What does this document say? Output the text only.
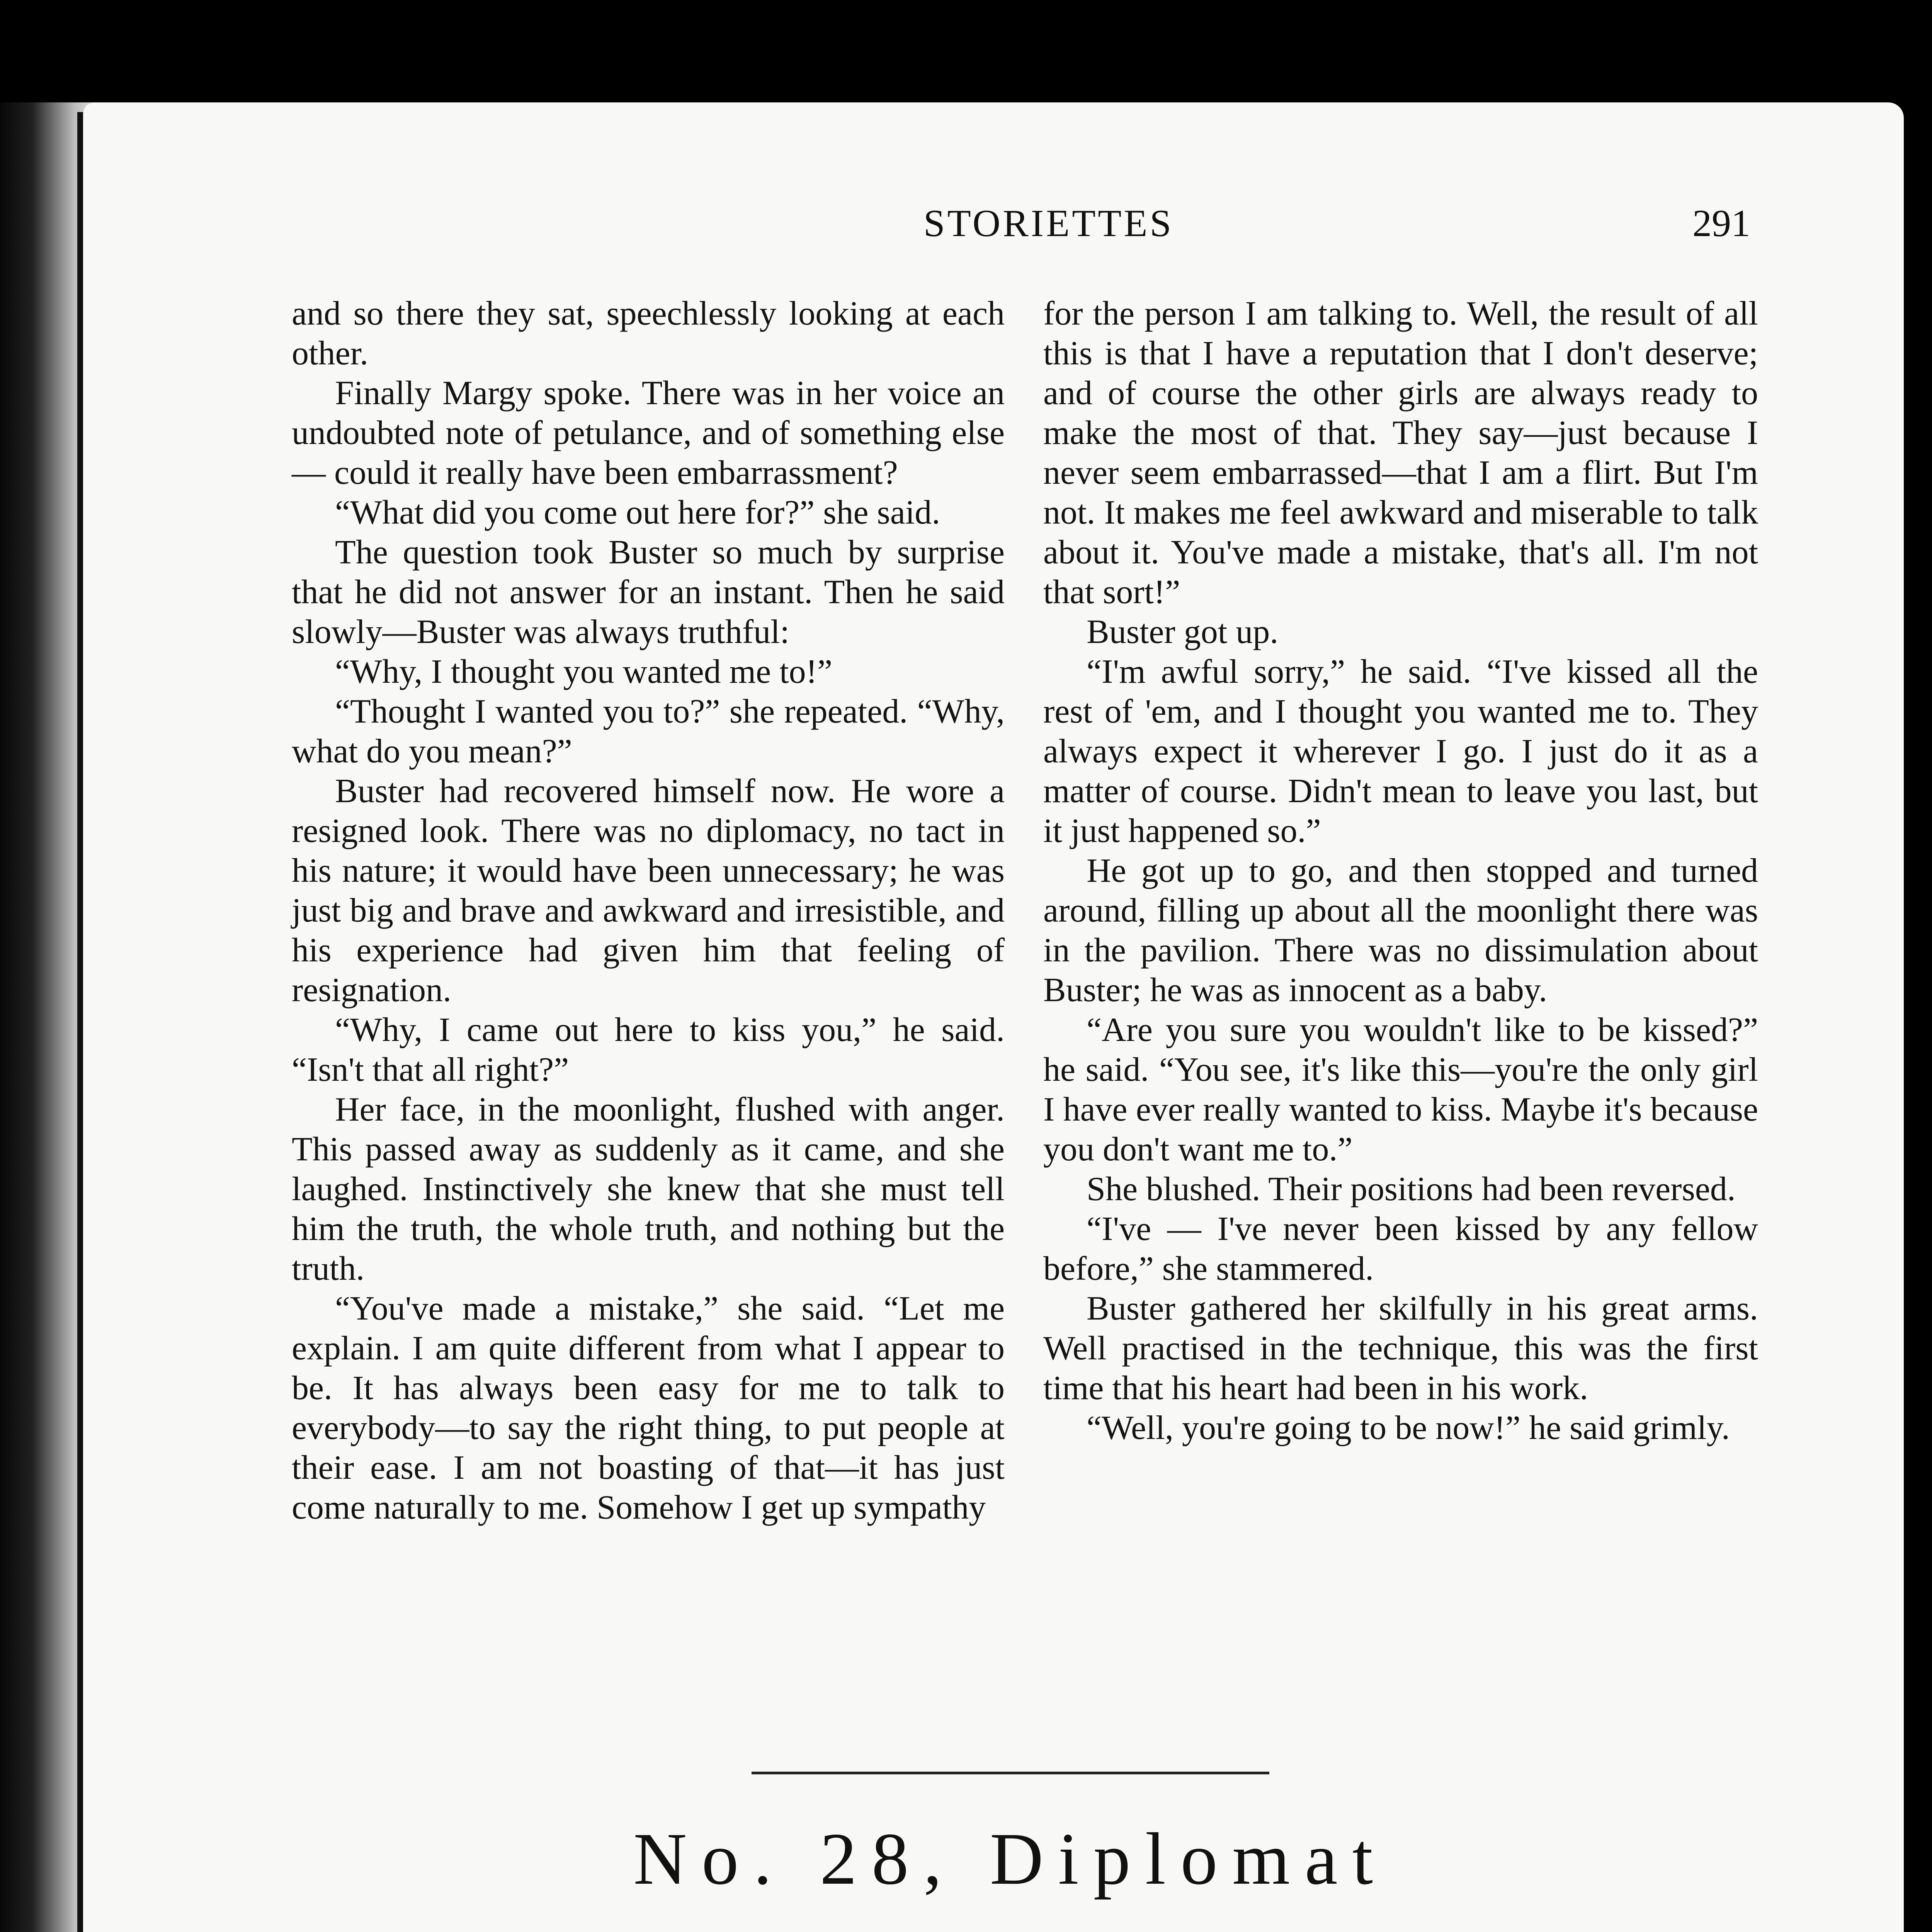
STORIETTES	291

and so there they sat, speechlessly looking at each other.

Finally Margy spoke. There was in her voice an undoubted note of petulance, and of something else — could it really have been embarrassment?

“What did you come out here for?” she said.

The question took Buster so much by surprise that he did not answer for an instant. Then he said slowly—Buster was always truthful:

“Why, I thought you wanted me to!”

“Thought I wanted you to?” she repeated. “Why, what do you mean?”

Buster had recovered himself now. He wore a resigned look. There was no diplomacy, no tact in his nature; it would have been unnecessary; he was just big and brave and awkward and irresistible, and his experience had given him that feeling of resignation.

“Why, I came out here to kiss you,” he said. “Isn't that all right?”

Her face, in the moonlight, flushed with anger. This passed away as suddenly as it came, and she laughed. Instinctively she knew that she must tell him the truth, the whole truth, and nothing but the truth.

“You've made a mistake,” she said. “Let me explain. I am quite different from what I appear to be. It has always been easy for me to talk to everybody—to say the right thing, to put people at their ease. I am not boasting of that—it has just come naturally to me. Somehow I get up sympathy

for the person I am talking to. Well, the result of all this is that I have a reputation that I don't deserve; and of course the other girls are always ready to make the most of that. They say—just because I never seem embarrassed—that I am a flirt. But I'm not. It makes me feel awkward and miserable to talk about it. You've made a mistake, that's all. I'm not that sort!”

Buster got up.

“I'm awful sorry,” he said. “I've kissed all the rest of 'em, and I thought you wanted me to. They always expect it wherever I go. I just do it as a matter of course. Didn't mean to leave you last, but it just happened so.”

He got up to go, and then stopped and turned around, filling up about all the moonlight there was in the pavilion. There was no dissimulation about Buster; he was as innocent as a baby.

“Are you sure you wouldn't like to be kissed?” he said. “You see, it's like this—you're the only girl I have ever really wanted to kiss. Maybe it's because you don't want me to.”

She blushed. Their positions had been reversed.

“I've — I've never been kissed by any fellow before,” she stammered.

Buster gathered her skilfully in his great arms. Well practised in the technique, this was the first time that his heart had been in his work.

“Well, you're going to be now!” he said grimly.

No. 28, Diplomat
